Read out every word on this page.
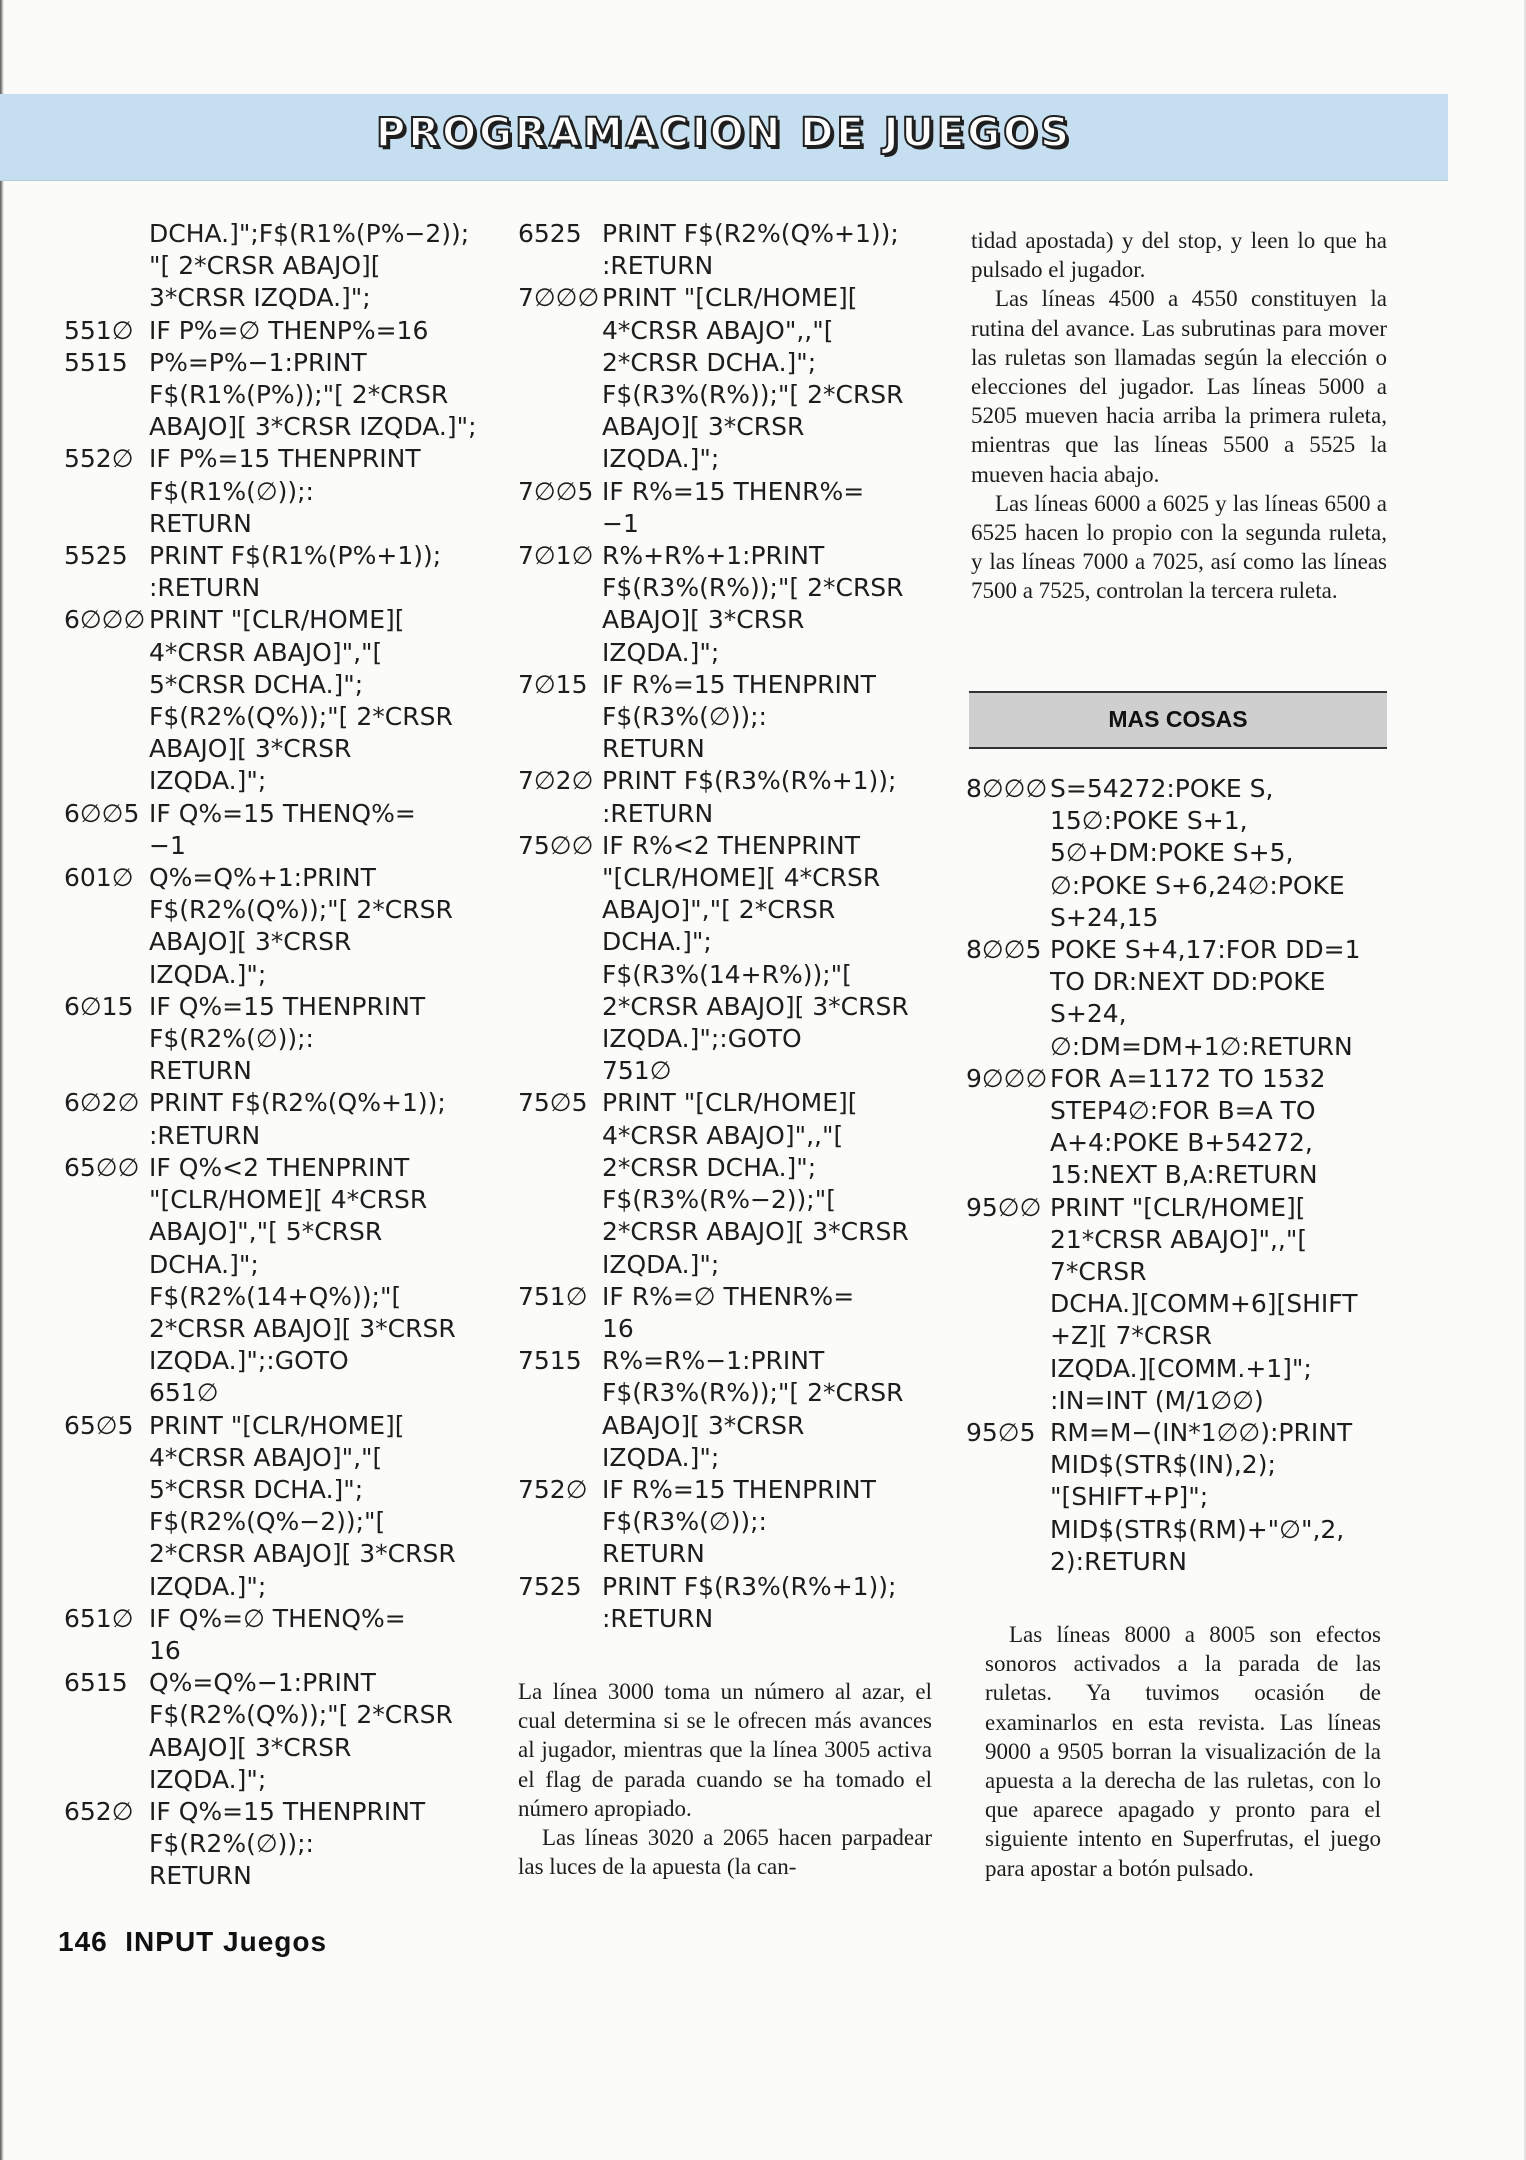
PROGRAMACION DE JUEGOS
DCHA.]";F$(R1%(P%−2));
"[ 2*CRSR ABAJO][
3*CRSR IZQDA.]";
551∅ IF P%=∅ THENP%=16
5515 P%=P%−1:PRINT
F$(R1%(P%));"[ 2*CRSR
ABAJO][ 3*CRSR IZQDA.]";
552∅ IF P%=15 THENPRINT
F$(R1%(∅));:
RETURN
5525 PRINT F$(R1%(P%+1));
:RETURN
6∅∅∅ PRINT "[CLR/HOME][
4*CRSR ABAJO]","[
5*CRSR DCHA.]";
F$(R2%(Q%));"[ 2*CRSR
ABAJO][ 3*CRSR
IZQDA.]";
6∅∅5 IF Q%=15 THENQ%=
−1
601∅ Q%=Q%+1:PRINT
F$(R2%(Q%));"[ 2*CRSR
ABAJO][ 3*CRSR
IZQDA.]";
6∅15 IF Q%=15 THENPRINT
F$(R2%(∅));:
RETURN
6∅2∅ PRINT F$(R2%(Q%+1));
:RETURN
65∅∅ IF Q%<2 THENPRINT
"[CLR/HOME][ 4*CRSR
ABAJO]","[ 5*CRSR
DCHA.]";
F$(R2%(14+Q%));"[
2*CRSR ABAJO][ 3*CRSR
IZQDA.]";:GOTO
651∅
65∅5 PRINT "[CLR/HOME][
4*CRSR ABAJO]","[
5*CRSR DCHA.]";
F$(R2%(Q%−2));"[
2*CRSR ABAJO][ 3*CRSR
IZQDA.]";
651∅ IF Q%=∅ THENQ%=
16
6515 Q%=Q%−1:PRINT
F$(R2%(Q%));"[ 2*CRSR
ABAJO][ 3*CRSR
IZQDA.]";
652∅ IF Q%=15 THENPRINT
F$(R2%(∅));:
RETURN
6525 PRINT F$(R2%(Q%+1));
:RETURN
7∅∅∅ PRINT "[CLR/HOME][
4*CRSR ABAJO",,"[
2*CRSR DCHA.]";
F$(R3%(R%));"[ 2*CRSR
ABAJO][ 3*CRSR
IZQDA.]";
7∅∅5 IF R%=15 THENR%=
−1
7∅1∅ R%+R%+1:PRINT
F$(R3%(R%));"[ 2*CRSR
ABAJO][ 3*CRSR
IZQDA.]";
7∅15 IF R%=15 THENPRINT
F$(R3%(∅));:
RETURN
7∅2∅ PRINT F$(R3%(R%+1));
:RETURN
75∅∅ IF R%<2 THENPRINT
"[CLR/HOME][ 4*CRSR
ABAJO]","[ 2*CRSR
DCHA.]";
F$(R3%(14+R%));"[
2*CRSR ABAJO][ 3*CRSR
IZQDA.]";:GOTO
751∅
75∅5 PRINT "[CLR/HOME][
4*CRSR ABAJO]",,"[
2*CRSR DCHA.]";
F$(R3%(R%−2));"[
2*CRSR ABAJO][ 3*CRSR
IZQDA.]";
751∅ IF R%=∅ THENR%=
16
7515 R%=R%−1:PRINT
F$(R3%(R%));"[ 2*CRSR
ABAJO][ 3*CRSR
IZQDA.]";
752∅ IF R%=15 THENPRINT
F$(R3%(∅));:
RETURN
7525 PRINT F$(R3%(R%+1));
:RETURN

La línea 3000 toma un número al azar, el cual determina si se le ofrecen más avances al jugador, mientras que la línea 3005 activa el flag de parada cuando se ha tomado el número apropiado.

Las líneas 3020 a 2065 hacen parpadear las luces de la apuesta (la can-

tidad apostada) y del stop, y leen lo que ha pulsado el jugador.

Las líneas 4500 a 4550 constituyen la rutina del avance. Las subrutinas para mover las ruletas son llamadas según la elección o elecciones del jugador. Las líneas 5000 a 5205 mueven hacia arriba la primera ruleta, mientras que las líneas 5500 a 5525 la mueven hacia abajo.

Las líneas 6000 a 6025 y las líneas 6500 a 6525 hacen lo propio con la segunda ruleta, y las líneas 7000 a 7025, así como las líneas 7500 a 7525, controlan la tercera ruleta.

MAS COSAS
8∅∅∅ S=54272:POKE S,
15∅:POKE S+1,
5∅+DM:POKE S+5,
∅:POKE S+6,24∅:POKE
S+24,15
8∅∅5 POKE S+4,17:FOR DD=1
TO DR:NEXT DD:POKE
S+24,
∅:DM=DM+1∅:RETURN
9∅∅∅ FOR A=1172 TO 1532
STEP4∅:FOR B=A TO
A+4:POKE B+54272,
15:NEXT B,A:RETURN
95∅∅ PRINT "[CLR/HOME][
21*CRSR ABAJO]",,"[
7*CRSR
DCHA.][COMM+6][SHIFT
+Z][ 7*CRSR
IZQDA.][COMM.+1]";
:IN=INT (M/1∅∅)
95∅5 RM=M−(IN*1∅∅):PRINT
MID$(STR$(IN),2);
"[SHIFT+P]";
MID$(STR$(RM)+"∅",2,
2):RETURN

Las líneas 8000 a 8005 son efectos sonoros activados a la parada de las ruletas. Ya tuvimos ocasión de examinarlos en esta revista. Las líneas 9000 a 9505 borran la visualización de la apuesta a la derecha de las ruletas, con lo que aparece apagado y pronto para el siguiente intento en Superfrutas, el juego para apostar a botón pulsado.

146 INPUT Juegos
